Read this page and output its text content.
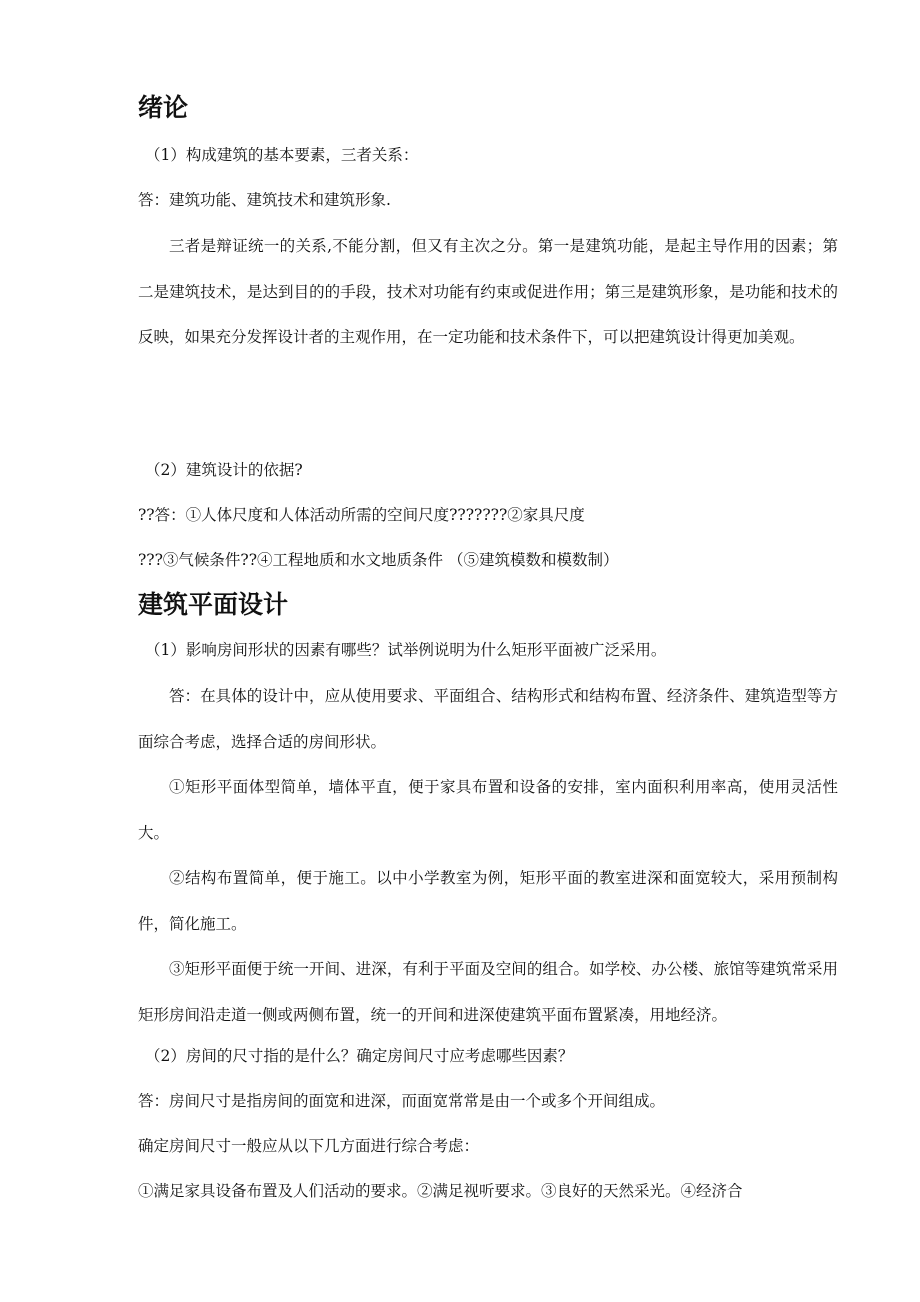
绪论

（1）构成建筑的基本要素，三者关系：

答：建筑功能、建筑技术和建筑形象.

三者是辩证统一的关系,不能分割，但又有主次之分。第一是建筑功能，是起主导作用的因素；第二是建筑技术，是达到目的的手段，技术对功能有约束或促进作用；第三是建筑形象，是功能和技术的反映，如果充分发挥设计者的主观作用，在一定功能和技术条件下，可以把建筑设计得更加美观。

（2）建筑设计的依据?

??答：①人体尺度和人体活动所需的空间尺度???????②家具尺度

???③气候条件??④工程地质和水文地质条件 （⑤建筑模数和模数制）

建筑平面设计

（1）影响房间形状的因素有哪些？试举例说明为什么矩形平面被广泛采用。

答：在具体的设计中，应从使用要求、平面组合、结构形式和结构布置、经济条件、建筑造型等方面综合考虑，选择合适的房间形状。

①矩形平面体型简单，墙体平直，便于家具布置和设备的安排，室内面积利用率高，使用灵活性大。

②结构布置简单，便于施工。以中小学教室为例，矩形平面的教室进深和面宽较大，采用预制构件，简化施工。

③矩形平面便于统一开间、进深，有利于平面及空间的组合。如学校、办公楼、旅馆等建筑常采用矩形房间沿走道一侧或两侧布置，统一的开间和进深使建筑平面布置紧凑，用地经济。

（2）房间的尺寸指的是什么？确定房间尺寸应考虑哪些因素？

答：房间尺寸是指房间的面宽和进深，而面宽常常是由一个或多个开间组成。

确定房间尺寸一般应从以下几方面进行综合考虑：

①满足家具设备布置及人们活动的要求。②满足视听要求。③良好的天然采光。④经济合
